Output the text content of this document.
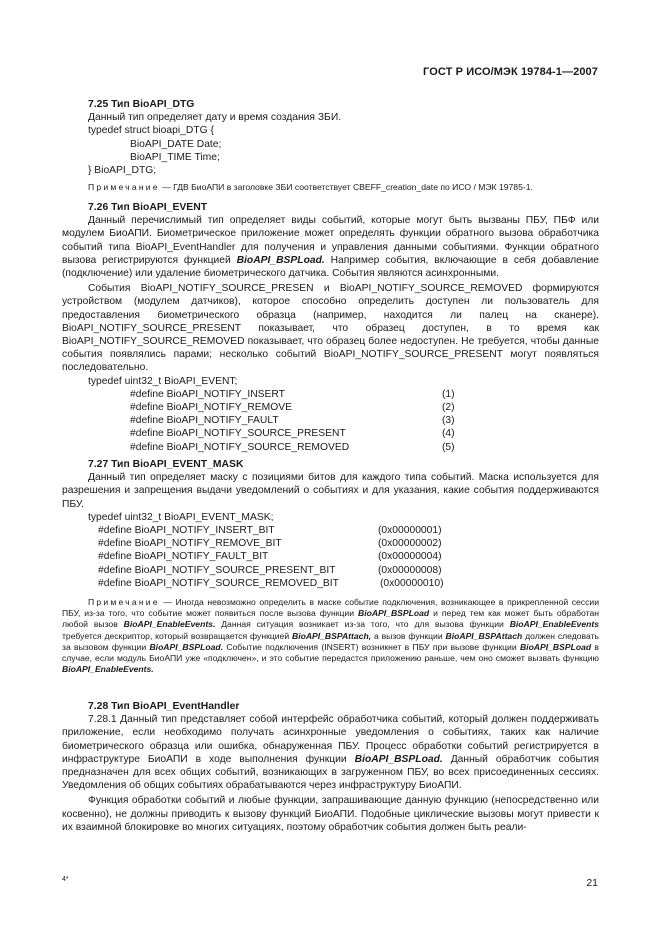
ГОСТ Р ИСО/МЭК 19784-1—2007
7.25 Тип BioAPI_DTG
Данный тип определяет дату и время создания ЗБИ.
typedef struct bioapi_DTG {
BioAPI_DATE Date;
BioAPI_TIME Time;
} BioAPI_DTG;
Примечание — ГДВ БиоАПИ в заголовке ЗБИ соответствует CBEFF_creation_date по ИСО / МЭК 19785-1.
7.26 Тип BioAPI_EVENT
Данный перечислимый тип определяет виды событий, которые могут быть вызваны ПБУ, ПБФ или модулем БиоАПИ. Биометрическое приложение может определять функции обратного вызова обработчика событий типа BioAPI_EventHandler для получения и управления данными событиями. Функции обратного вызова регистрируются функцией BioAPI_BSPLoad. Например события, включающие в себя добавление (подключение) или удаление биометрического датчика. События являются асинхронными.
События BioAPI_NOTIFY_SOURCE_PRESEN и BioAPI_NOTIFY_SOURCE_REMOVED формируются устройством (модулем датчиков), которое способно определить доступен ли пользователь для предоставления биометрического образца (например, находится ли палец на сканере). BioAPI_NOTIFY_SOURCE_PRESENT показывает, что образец доступен, в то время как BioAPI_NOTIFY_SOURCE_REMOVED показывает, что образец более недоступен. Не требуется, чтобы данные события появлялись парами; несколько событий BioAPI_NOTIFY_SOURCE_PRESENT могут появляться последовательно.
typedef uint32_t BioAPI_EVENT;
#define BioAPI_NOTIFY_INSERT	(1)
#define BioAPI_NOTIFY_REMOVE	(2)
#define BioAPI_NOTIFY_FAULT	(3)
#define BioAPI_NOTIFY_SOURCE_PRESENT	(4)
#define BioAPI_NOTIFY_SOURCE_REMOVED	(5)
7.27 Тип BioAPI_EVENT_MASK
Данный тип определяет маску с позициями битов для каждого типа событий. Маска используется для разрешения и запрещения выдачи уведомлений о событиях и для указания, какие события поддерживаются ПБУ.
typedef uint32_t BioAPI_EVENT_MASK;
#define BioAPI_NOTIFY_INSERT_BIT	(0x00000001)
#define BioAPI_NOTIFY_REMOVE_BIT	(0x00000002)
#define BioAPI_NOTIFY_FAULT_BIT	(0x00000004)
#define BioAPI_NOTIFY_SOURCE_PRESENT_BIT	(0x00000008)
#define BioAPI_NOTIFY_SOURCE_REMOVED_BIT	(0x00000010)
Примечание — Иногда невозможно определить в маске событие подключения, возникающее в прикрепленной сессии ПБУ, из-за того, что событие может появиться после вызова функции BioAPI_BSPLoad и перед тем как может быть обработан любой вызов BioAPI_EnableEvents. Данная ситуация возникает из-за того, что для вызова функции BioAPI_EnableEvents требуется дескриптор, который возвращается функцией BioAPI_BSPAttach, а вызов функции BioAPI_BSPAttach должен следовать за вызовом функции BioAPI_BSPLoad. Событие подключения (INSERT) возникнет в ПБУ при вызове функции BioAPI_BSPLoad в случае, если модуль БиоАПИ уже «подключен», и это событие передастся приложению раньше, чем оно сможет вызвать функцию BioAPI_EnableEvents.
7.28 Тип BioAPI_EventHandler
7.28.1 Данный тип представляет собой интерфейс обработчика событий, который должен поддерживать приложение, если необходимо получать асинхронные уведомления о событиях, таких как наличие биометрического образца или ошибка, обнаруженная ПБУ. Процесс обработки событий регистрируется в инфраструктуре БиоАПИ в ходе выполнения функции BioAPI_BSPLoad. Данный обработчик события предназначен для всех общих событий, возникающих в загруженном ПБУ, во всех присоединенных сессиях. Уведомления об общих событиях обрабатываются через инфраструктуру БиоАПИ.
Функция обработки событий и любые функции, запрашивающие данную функцию (непосредственно или косвенно), не должны приводить к вызову функций БиоАПИ. Подобные циклические вызовы могут привести к их взаимной блокировке во многих ситуациях, поэтому обработчик события должен быть реали-
4*	21
